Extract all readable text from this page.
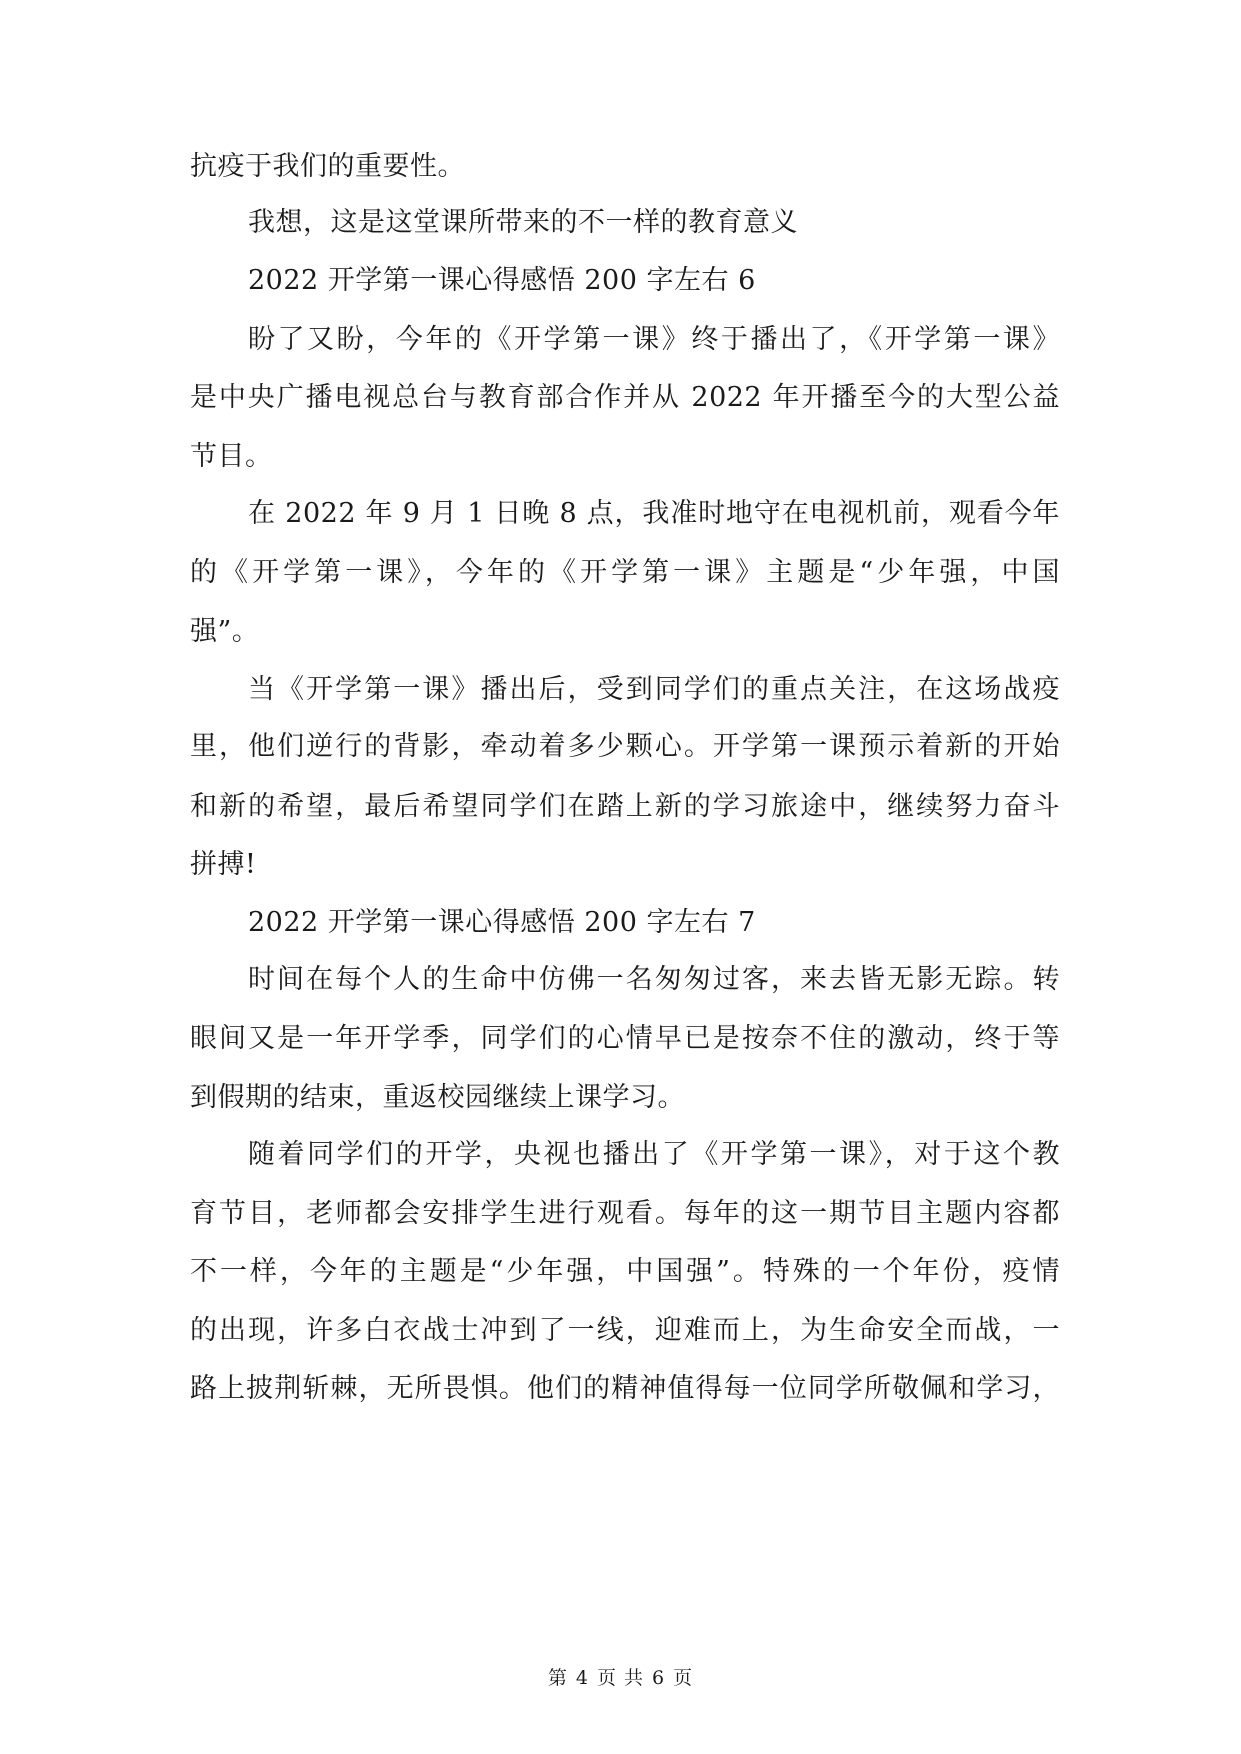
抗疫于我们的重要性。
我想，这是这堂课所带来的不一样的教育意义
2022 开学第一课心得感悟 200 字左右 6
盼了又盼，今年的《开学第一课》终于播出了，《开学第一课》
是中央广播电视总台与教育部合作并从 2022 年开播至今的大型公益
节目。
在 2022 年 9 月 1 日晚 8 点，我准时地守在电视机前，观看今年
的《开学第一课》，今年的《开学第一课》主题是“少年强，中国
强”。
当《开学第一课》播出后，受到同学们的重点关注，在这场战疫
里，他们逆行的背影，牵动着多少颗心。开学第一课预示着新的开始
和新的希望，最后希望同学们在踏上新的学习旅途中，继续努力奋斗
拼搏!
2022 开学第一课心得感悟 200 字左右 7
时间在每个人的生命中仿佛一名匆匆过客，来去皆无影无踪。转
眼间又是一年开学季，同学们的心情早已是按奈不住的激动，终于等
到假期的结束，重返校园继续上课学习。
随着同学们的开学，央视也播出了《开学第一课》，对于这个教
育节目，老师都会安排学生进行观看。每年的这一期节目主题内容都
不一样，今年的主题是“少年强，中国强”。特殊的一个年份，疫情
的出现，许多白衣战士冲到了一线，迎难而上，为生命安全而战，一
路上披荆斩棘，无所畏惧。他们的精神值得每一位同学所敬佩和学习，
第 4 页 共 6 页
